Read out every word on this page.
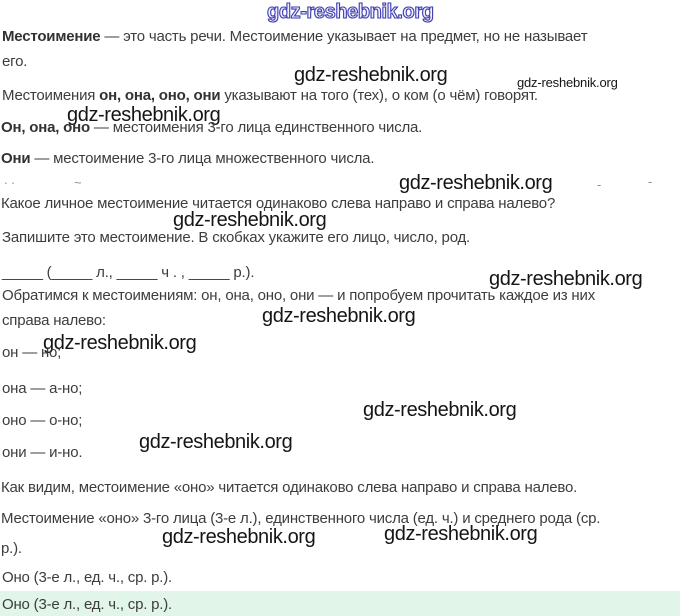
gdz-reshebnik.org
gdz-reshebnik.org	gdz-reshebnik.org
gdz-reshebnik.org
gdz-reshebnik.org
gdz-reshebnik.org
gdz-reshebnik.org
gdz-reshebnik.org
gdz-reshebnik.org
gdz-reshebnik.org
gdz-reshebnik.org
gdz-reshebnik.org	gdz-reshebnik.org
. .	~	-	-
Местоимение — это часть речи. Местоимение указывает на предмет, но не называет
его.
Местоимения он, она, оно, они указывают на того (тех), о ком (о чём) говорят.
Он, она, оно — местоимения 3-го лица единственного числа.
Они — местоимение 3-го лица множественного числа.
Какое личное местоимение читается одинаково слева направо и справа налево?
Запишите это местоимение. В скобках укажите его лицо, число, род.
_____ (_____ л., _____ ч . , _____ р.).
Обратимся к местоимениям: он, она, оно, они — и попробуем прочитать каждое из них
справа налево:
он — но;
она — а-но;
оно — о-но;
они — и-но.
Как видим, местоимение «оно» читается одинаково слева направо и справа налево.
Местоимение «оно» 3-го лица (3-е л.), единственного числа (ед. ч.) и среднего рода (ср.
р.).
Оно (3-е л., ед. ч., ср. р.).
Оно (3-е л., ед. ч., ср. р.).
